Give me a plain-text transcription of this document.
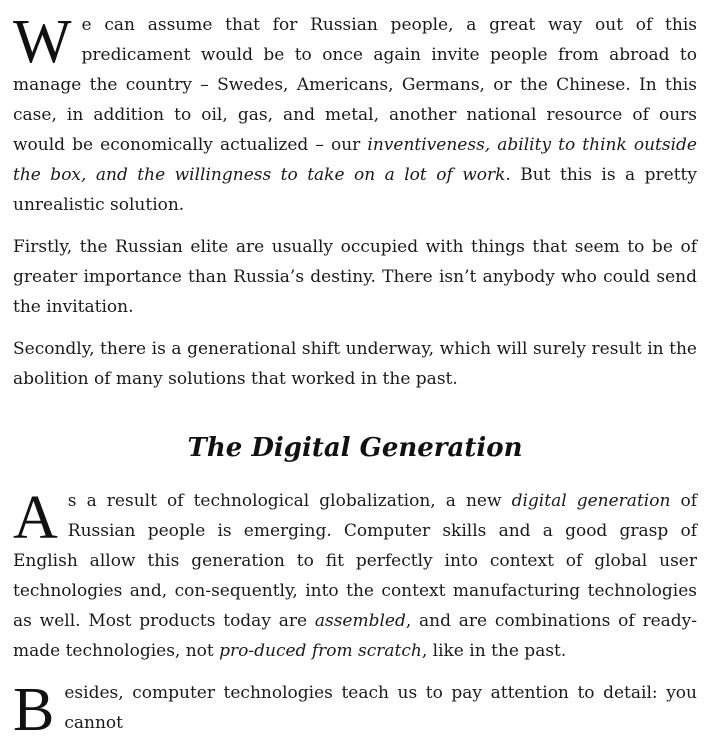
We can assume that for Russian people, a great way out of this predicament would be to once again invite people from abroad to manage the country – Swedes, Americans, Germans, or the Chinese. In this case, in addition to oil, gas, and metal, another national resource of ours would be economically actualized – our inventiveness, ability to think outside the box, and the willingness to take on a lot of work. But this is a pretty unrealistic solution.

Firstly, the Russian elite are usually occupied with things that seem to be of greater importance than Russia’s destiny. There isn’t anybody who could send the invitation.

Secondly, there is a generational shift underway, which will surely result in the abolition of many solutions that worked in the past.

The Digital Generation

As a result of technological globalization, a new digital generation of Russian people is emerging. Computer skills and a good grasp of English allow this generation to fit perfectly into context of global user technologies and, con-sequently, into the context manufacturing technologies as well. Most products today are assembled, and are combinations of ready-made technologies, not pro-duced from scratch, like in the past.

Besides, computer technologies teach us to pay attention to detail: you cannot
